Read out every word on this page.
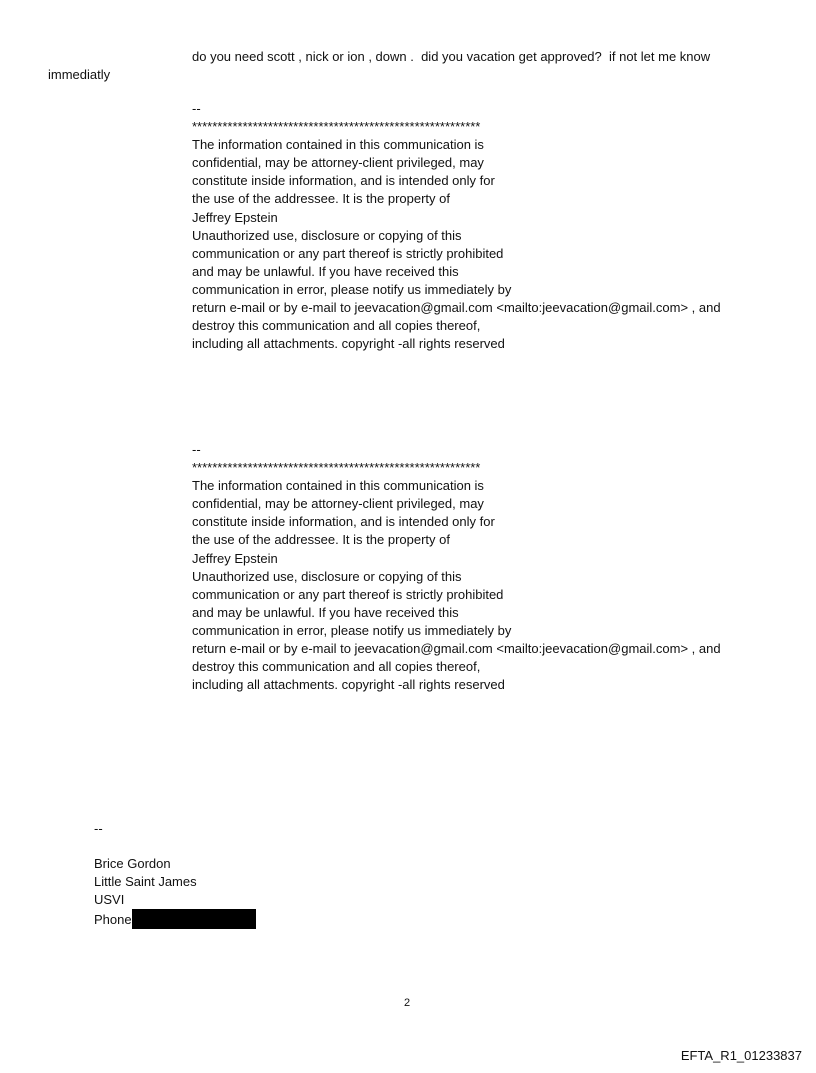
do you need scott , nick or ion , down .  did you vacation get approved?  if not let me know
immediatly
--
*********************************************************
The information contained in this communication is
confidential, may be attorney-client privileged, may
constitute inside information, and is intended only for
the use of the addressee. It is the property of
Jeffrey Epstein
Unauthorized use, disclosure or copying of this
communication or any part thereof is strictly prohibited
and may be unlawful. If you have received this
communication in error, please notify us immediately by
return e-mail or by e-mail to jeevacation@gmail.com <mailto:jeevacation@gmail.com> , and
destroy this communication and all copies thereof,
including all attachments. copyright -all rights reserved
--
*********************************************************
The information contained in this communication is
confidential, may be attorney-client privileged, may
constitute inside information, and is intended only for
the use of the addressee. It is the property of
Jeffrey Epstein
Unauthorized use, disclosure or copying of this
communication or any part thereof is strictly prohibited
and may be unlawful. If you have received this
communication in error, please notify us immediately by
return e-mail or by e-mail to jeevacation@gmail.com <mailto:jeevacation@gmail.com> , and
destroy this communication and all copies thereof,
including all attachments. copyright -all rights reserved
--
Brice Gordon
Little Saint James
USVI
Phone
2
EFTA_R1_01233837
